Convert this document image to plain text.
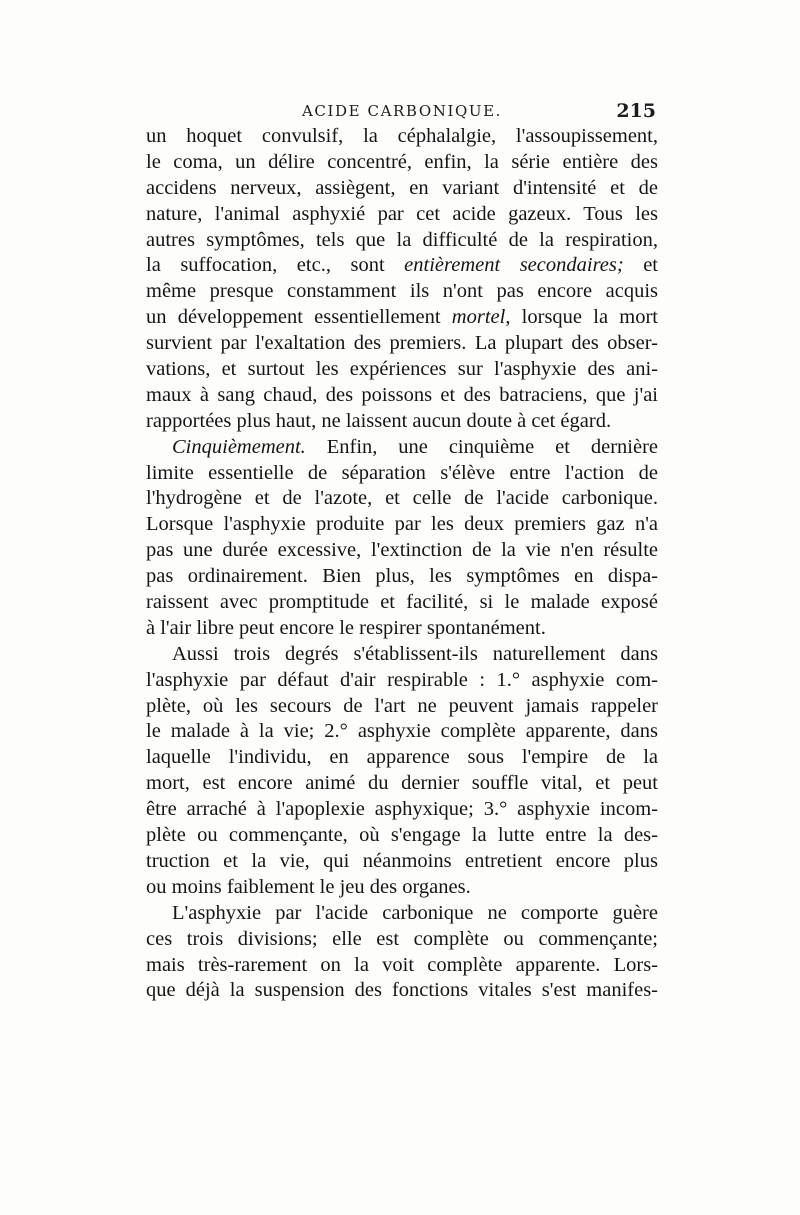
ACIDE CARBONIQUE.	215
un hoquet convulsif, la céphalalgie, l'assoupissement,
le coma, un délire concentré, enfin, la série entière des
accidens nerveux, assiègent, en variant d'intensité et de
nature, l'animal asphyxié par cet acide gazeux. Tous les
autres symptômes, tels que la difficulté de la respiration,
la suffocation, etc., sont entièrement secondaires; et
même presque constamment ils n'ont pas encore acquis
un développement essentiellement mortel, lorsque la mort
survient par l'exaltation des premiers. La plupart des obser-
vations, et surtout les expériences sur l'asphyxie des ani-
maux à sang chaud, des poissons et des batraciens, que j'ai
rapportées plus haut, ne laissent aucun doute à cet égard.
Cinquièmement. Enfin, une cinquième et dernière
limite essentielle de séparation s'élève entre l'action de
l'hydrogène et de l'azote, et celle de l'acide carbonique.
Lorsque l'asphyxie produite par les deux premiers gaz n'a
pas une durée excessive, l'extinction de la vie n'en résulte
pas ordinairement. Bien plus, les symptômes en dispa-
raissent avec promptitude et facilité, si le malade exposé
à l'air libre peut encore le respirer spontanément.
Aussi trois degrés s'établissent-ils naturellement dans
l'asphyxie par défaut d'air respirable : 1.° asphyxie com-
plète, où les secours de l'art ne peuvent jamais rappeler
le malade à la vie; 2.° asphyxie complète apparente, dans
laquelle l'individu, en apparence sous l'empire de la
mort, est encore animé du dernier souffle vital, et peut
être arraché à l'apoplexie asphyxique; 3.° asphyxie incom-
plète ou commençante, où s'engage la lutte entre la des-
truction et la vie, qui néanmoins entretient encore plus
ou moins faiblement le jeu des organes.
L'asphyxie par l'acide carbonique ne comporte guère
ces trois divisions; elle est complète ou commençante;
mais très-rarement on la voit complète apparente. Lors-
que déjà la suspension des fonctions vitales s'est manifes-
